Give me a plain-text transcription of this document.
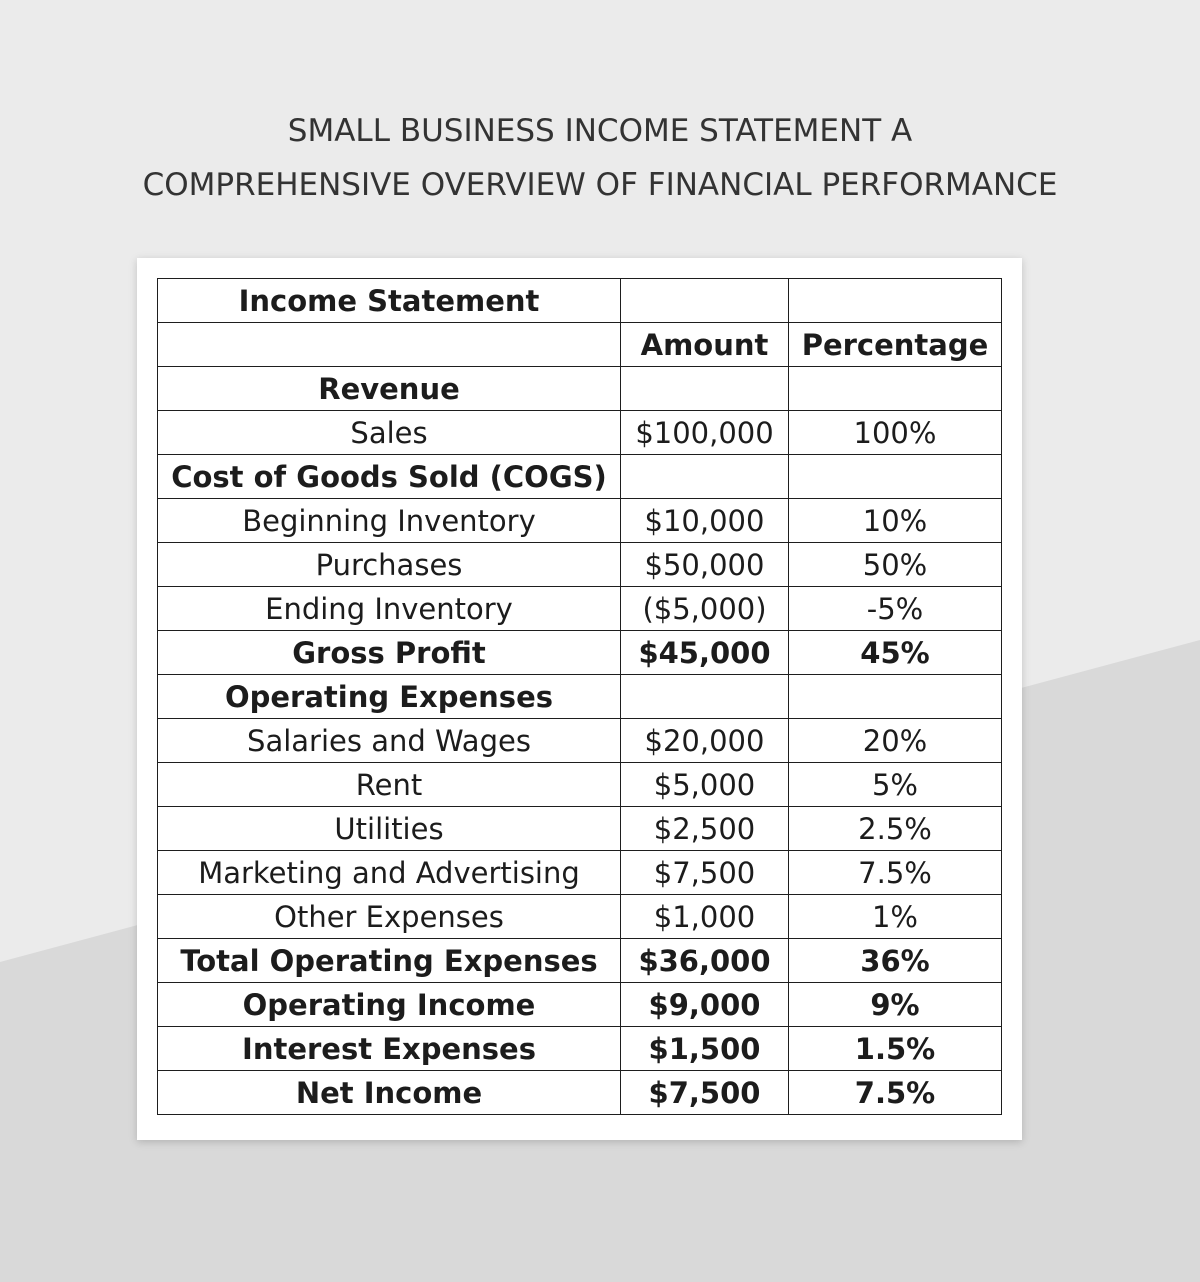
SMALL BUSINESS INCOME STATEMENT A
COMPREHENSIVE OVERVIEW OF FINANCIAL PERFORMANCE
Income Statement		
	Amount	Percentage
Revenue		
Sales	$100,000	100%
Cost of Goods Sold (COGS)		
Beginning Inventory	$10,000	10%
Purchases	$50,000	50%
Ending Inventory	($5,000)	-5%
Gross Profit	$45,000	45%
Operating Expenses		
Salaries and Wages	$20,000	20%
Rent	$5,000	5%
Utilities	$2,500	2.5%
Marketing and Advertising	$7,500	7.5%
Other Expenses	$1,000	1%
Total Operating Expenses	$36,000	36%
Operating Income	$9,000	9%
Interest Expenses	$1,500	1.5%
Net Income	$7,500	7.5%
